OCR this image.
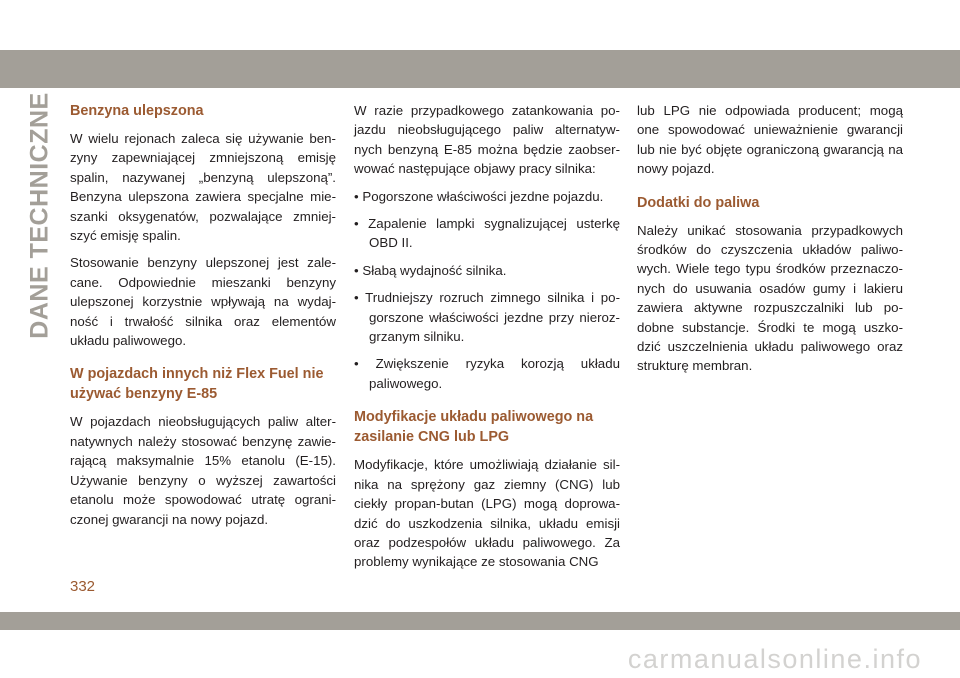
DANE TECHNICZNE Benzyna ulepszona

W wielu rejonach zaleca się używanie ben- zyny zapewniającej zmniejszoną emisję spalin, nazywanej „benzyną ulepszoną”. Benzyna ulepszona zawiera specjalne mie- szanki oksygenatów, pozwalające zmniej- szyć emisję spalin.

Stosowanie benzyny ulepszonej jest zale- cane. Odpowiednie mieszanki benzyny ulepszonej korzystnie wpływają na wydaj- ność i trwałość silnika oraz elementów układu paliwowego.

W pojazdach innych niż Flex Fuel nie używać benzyny E-85

W pojazdach nieobsługujących paliw alter- natywnych należy stosować benzynę zawie- rającą maksymalnie 15% etanolu (E-15). Używanie benzyny o wyższej zawartości etanolu może spowodować utratę ograni- czonej gwarancji na nowy pojazd.

W razie przypadkowego zatankowania po- jazdu nieobsługującego paliw alternatyw- nych benzyną E-85 można będzie zaobser- wować następujące objawy pracy silnika:

• Pogorszone właściwości jezdne pojazdu.

• Zapalenie lampki sygnalizującej usterkę OBD II.

• Słabą wydajność silnika.

• Trudniejszy rozruch zimnego silnika i po- gorszone właściwości jezdne przy nieroz- grzanym silniku.

• Zwiększenie ryzyka korozją układu paliwowego.

Modyfikacje układu paliwowego na zasilanie CNG lub LPG

Modyfikacje, które umożliwiają działanie sil- nika na sprężony gaz ziemny (CNG) lub ciekły propan-butan (LPG) mogą doprowa- dzić do uszkodzenia silnika, układu emisji oraz podzespołów układu paliwowego. Za problemy wynikające ze stosowania CNG

lub LPG nie odpowiada producent; mogą one spowodować unieważnienie gwarancji lub nie być objęte ograniczoną gwarancją na nowy pojazd.

Dodatki do paliwa

Należy unikać stosowania przypadkowych środków do czyszczenia układów paliwo- wych. Wiele tego typu środków przeznaczo- nych do usuwania osadów gumy i lakieru zawiera aktywne rozpuszczalniki lub po- dobne substancje. Środki te mogą uszko- dzić uszczelnienia układu paliwowego oraz strukturę membran.

332
carmanualsonline.info
